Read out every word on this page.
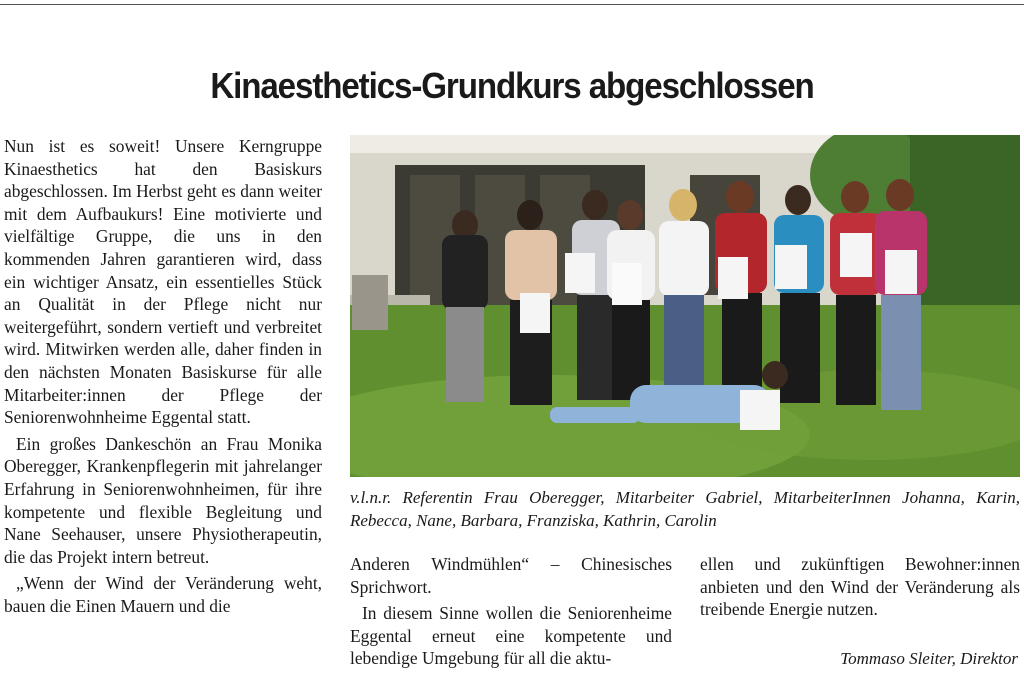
Kinaesthetics-Grundkurs abgeschlossen

Nun ist es soweit! Unsere Kerngruppe Kinaesthetics hat den Basiskurs abgeschlossen. Im Herbst geht es dann weiter mit dem Aufbaukurs! Eine motivierte und vielfältige Gruppe, die uns in den kommenden Jahren garantieren wird, dass ein wichtiger Ansatz, ein essentielles Stück an Qualität in der Pflege nicht nur weitergeführt, sondern vertieft und verbreitet wird. Mitwirken werden alle, daher finden in den nächsten Monaten Basiskurse für alle Mitarbeiter:innen der Pflege der Seniorenwohnheime Eggental statt.

Ein großes Dankeschön an Frau Monika Oberegger, Krankenpflegerin mit jahrelanger Erfahrung in Seniorenwohnheimen, für ihre kompetente und flexible Begleitung und Nane Seehauser, unsere Physiotherapeutin, die das Projekt intern betreut.

„Wenn der Wind der Veränderung weht, bauen die Einen Mauern und die

v.l.n.r. Referentin Frau Oberegger, Mitarbeiter Gabriel, MitarbeiterInnen Johanna, Karin, Rebecca, Nane, Barbara, Franziska, Kathrin, Carolin

Anderen Windmühlen“ – Chinesisches Sprichwort.

In diesem Sinne wollen die Seniorenheime Eggental erneut eine kompetente und lebendige Umgebung für all die aktu-

ellen und zukünftigen Bewohner:innen anbieten und den Wind der Veränderung als treibende Energie nutzen.

Tommaso Sleiter, Direktor
